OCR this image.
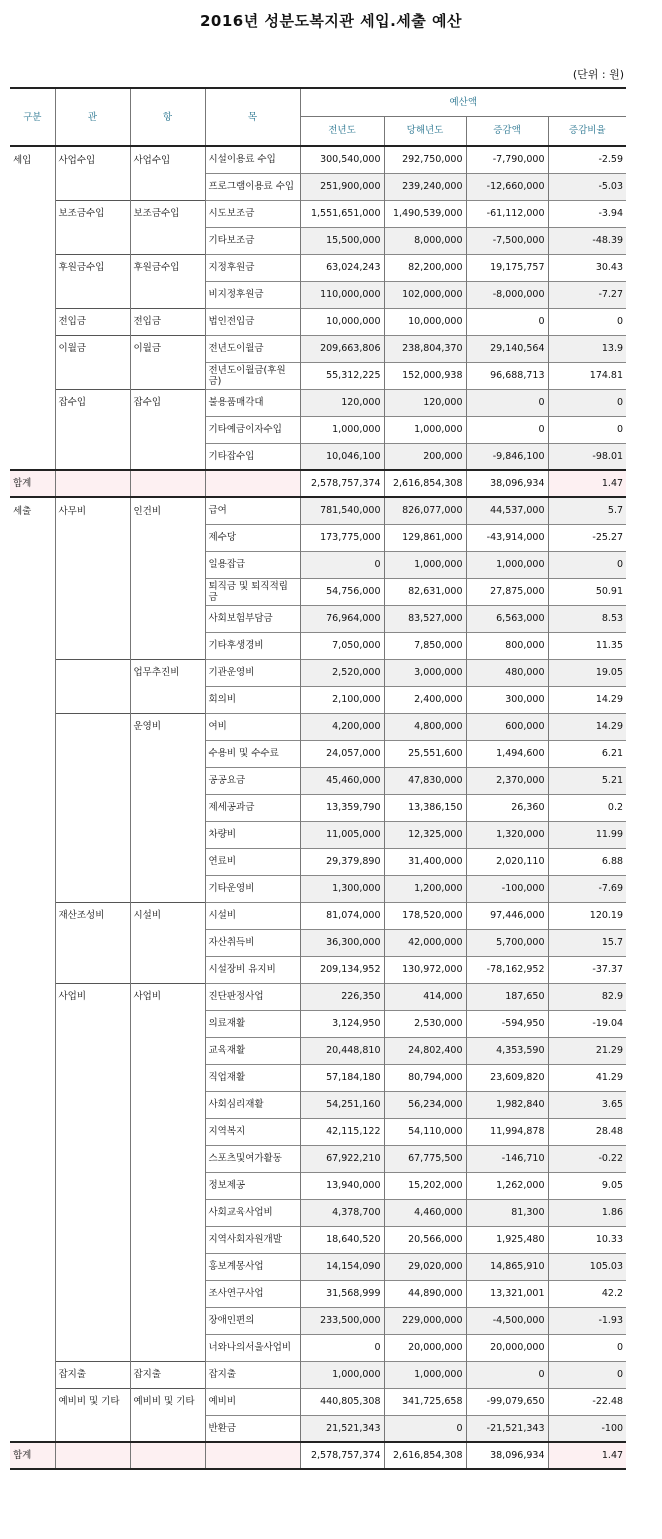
2016년 성분도복지관 세입.세출 예산
(단위 : 원)
구분	관	항	목	예산액			
				전년도	당해년도	증감액	증감비율
세입	사업수입	사업수입	시설이용료 수입	300,540,000	292,750,000	-7,790,000	-2.59
			프로그램이용료 수입	251,900,000	239,240,000	-12,660,000	-5.03
	보조금수입	보조금수입	시도보조금	1,551,651,000	1,490,539,000	-61,112,000	-3.94
			기타보조금	15,500,000	8,000,000	-7,500,000	-48.39
	후원금수입	후원금수입	지정후원금	63,024,243	82,200,000	19,175,757	30.43
			비지정후원금	110,000,000	102,000,000	-8,000,000	-7.27
	전입금	전입금	법인전입금	10,000,000	10,000,000	0	0
	이월금	이월금	전년도이월금	209,663,806	238,804,370	29,140,564	13.9
			전년도이월금(후원금)	55,312,225	152,000,938	96,688,713	174.81
	잡수입	잡수입	불용품매각대	120,000	120,000	0	0
			기타예금이자수입	1,000,000	1,000,000	0	0
			기타잡수입	10,046,100	200,000	-9,846,100	-98.01
합계				2,578,757,374	2,616,854,308	38,096,934	1.47
세출	사무비	인건비	급여	781,540,000	826,077,000	44,537,000	5.7
			제수당	173,775,000	129,861,000	-43,914,000	-25.27
			일용잡급	0	1,000,000	1,000,000	0
			퇴직금 및 퇴직적립금	54,756,000	82,631,000	27,875,000	50.91
			사회보험부담금	76,964,000	83,527,000	6,563,000	8.53
			기타후생경비	7,050,000	7,850,000	800,000	11.35
		업무추진비	기관운영비	2,520,000	3,000,000	480,000	19.05
			회의비	2,100,000	2,400,000	300,000	14.29
		운영비	여비	4,200,000	4,800,000	600,000	14.29
			수용비 및 수수료	24,057,000	25,551,600	1,494,600	6.21
			공공요금	45,460,000	47,830,000	2,370,000	5.21
			제세공과금	13,359,790	13,386,150	26,360	0.2
			차량비	11,005,000	12,325,000	1,320,000	11.99
			연료비	29,379,890	31,400,000	2,020,110	6.88
			기타운영비	1,300,000	1,200,000	-100,000	-7.69
	재산조성비	시설비	시설비	81,074,000	178,520,000	97,446,000	120.19
			자산취득비	36,300,000	42,000,000	5,700,000	15.7
			시설장비 유지비	209,134,952	130,972,000	-78,162,952	-37.37
	사업비	사업비	진단판정사업	226,350	414,000	187,650	82.9
			의료재활	3,124,950	2,530,000	-594,950	-19.04
			교육재활	20,448,810	24,802,400	4,353,590	21.29
			직업재활	57,184,180	80,794,000	23,609,820	41.29
			사회심리재활	54,251,160	56,234,000	1,982,840	3.65
			지역복지	42,115,122	54,110,000	11,994,878	28.48
			스포츠및여가활동	67,922,210	67,775,500	-146,710	-0.22
			정보제공	13,940,000	15,202,000	1,262,000	9.05
			사회교육사업비	4,378,700	4,460,000	81,300	1.86
			지역사회자원개발	18,640,520	20,566,000	1,925,480	10.33
			홍보계몽사업	14,154,090	29,020,000	14,865,910	105.03
			조사연구사업	31,568,999	44,890,000	13,321,001	42.2
			장애인편의	233,500,000	229,000,000	-4,500,000	-1.93
			너와나의서울사업비	0	20,000,000	20,000,000	0
	잡지출	잡지출	잡지출	1,000,000	1,000,000	0	0
	예비비 및 기타	예비비 및 기타	예비비	440,805,308	341,725,658	-99,079,650	-22.48
			반환금	21,521,343	0	-21,521,343	-100
합계				2,578,757,374	2,616,854,308	38,096,934	1.47
